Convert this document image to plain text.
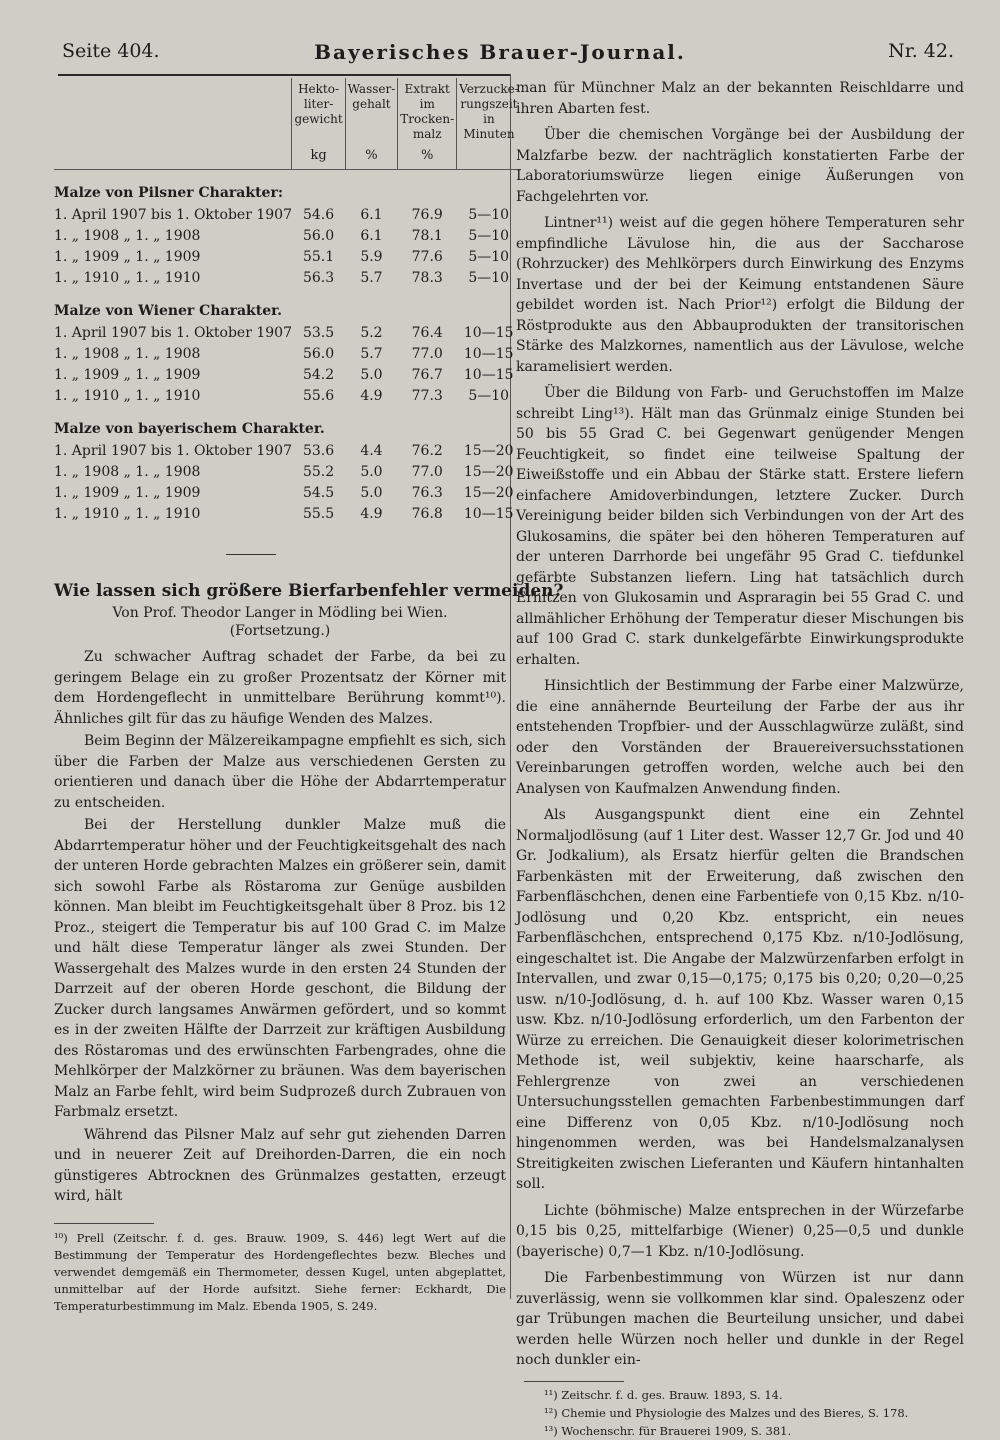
Seite 404.	Bayerisches Brauer-Journal.	Nr. 42.
	Hekto-liter-gewicht	Wasser-gehalt	Extrakt im Trocken-malz	Verzucke-rungszeit in Minuten
	kg	%	%	
Malze von Pilsner Charakter:				
1. April 1907 bis 1. Oktober 1907	54.6	6.1	76.9	5—10
1. „ 1908 „ 1. „ 1908	56.0	6.1	78.1	5—10
1. „ 1909 „ 1. „ 1909	55.1	5.9	77.6	5—10
1. „ 1910 „ 1. „ 1910	56.3	5.7	78.3	5—10
Malze von Wiener Charakter.				
1. April 1907 bis 1. Oktober 1907	53.5	5.2	76.4	10—15
1. „ 1908 „ 1. „ 1908	56.0	5.7	77.0	10—15
1. „ 1909 „ 1. „ 1909	54.2	5.0	76.7	10—15
1. „ 1910 „ 1. „ 1910	55.6	4.9	77.3	5—10
Malze von bayerischem Charakter.				
1. April 1907 bis 1. Oktober 1907	53.6	4.4	76.2	15—20
1. „ 1908 „ 1. „ 1908	55.2	5.0	77.0	15—20
1. „ 1909 „ 1. „ 1909	54.5	5.0	76.3	15—20
1. „ 1910 „ 1. „ 1910	55.5	4.9	76.8	10—15
Wie lassen sich größere Bierfarbenfehler vermeiden?
Von Prof. Theodor Langer in Mödling bei Wien.
(Fortsetzung.)

Zu schwacher Auftrag schadet der Farbe, da bei zu geringem Belage ein zu großer Prozentsatz der Körner mit dem Hordengeflecht in unmittelbare Berührung kommt¹⁰). Ähnliches gilt für das zu häufige Wenden des Malzes.

Beim Beginn der Mälzereikampagne empfiehlt es sich, sich über die Farben der Malze aus verschiedenen Gersten zu orientieren und danach über die Höhe der Abdarrtemperatur zu entscheiden.

Bei der Herstellung dunkler Malze muß die Abdarrtemperatur höher und der Feuchtigkeitsgehalt des nach der unteren Horde gebrachten Malzes ein größerer sein, damit sich sowohl Farbe als Röstaroma zur Genüge ausbilden können. Man bleibt im Feuchtigkeitsgehalt über 8 Proz. bis 12 Proz., steigert die Temperatur bis auf 100 Grad C. im Malze und hält diese Temperatur länger als zwei Stunden. Der Wassergehalt des Malzes wurde in den ersten 24 Stunden der Darrzeit auf der oberen Horde geschont, die Bildung der Zucker durch langsames Anwärmen gefördert, und so kommt es in der zweiten Hälfte der Darrzeit zur kräftigen Ausbildung des Röstaromas und des erwünschten Farbengrades, ohne die Mehlkörper der Malzkörner zu bräunen. Was dem bayerischen Malz an Farbe fehlt, wird beim Sudprozeß durch Zubrauen von Farbmalz ersetzt.

Während das Pilsner Malz auf sehr gut ziehenden Darren und in neuerer Zeit auf Dreihorden-Darren, die ein noch günstigeres Abtrocknen des Grünmalzes gestatten, erzeugt wird, hält

¹⁰) Prell (Zeitschr. f. d. ges. Brauw. 1909, S. 446) legt Wert auf die Bestimmung der Temperatur des Hordengeflechtes bezw. Bleches und verwendet demgemäß ein Thermometer, dessen Kugel, unten abgeplattet, unmittelbar auf der Horde aufsitzt. Siehe ferner: Eckhardt, Die Temperaturbestimmung im Malz. Ebenda 1905, S. 249.

man für Münchner Malz an der bekannten Reischldarre und ihren Abarten fest.

Über die chemischen Vorgänge bei der Ausbildung der Malzfarbe bezw. der nachträglich konstatierten Farbe der Laboratoriumswürze liegen einige Äußerungen von Fachgelehrten vor.

Lintner¹¹) weist auf die gegen höhere Temperaturen sehr empfindliche Lävulose hin, die aus der Saccharose (Rohrzucker) des Mehlkörpers durch Einwirkung des Enzyms Invertase und der bei der Keimung entstandenen Säure gebildet worden ist. Nach Prior¹²) erfolgt die Bildung der Röstprodukte aus den Abbauprodukten der transitorischen Stärke des Malzkornes, namentlich aus der Lävulose, welche karamelisiert werden.

Über die Bildung von Farb- und Geruchstoffen im Malze schreibt Ling¹³). Hält man das Grünmalz einige Stunden bei 50 bis 55 Grad C. bei Gegenwart genügender Mengen Feuchtigkeit, so findet eine teilweise Spaltung der Eiweißstoffe und ein Abbau der Stärke statt. Erstere liefern einfachere Amidoverbindungen, letztere Zucker. Durch Vereinigung beider bilden sich Verbindungen von der Art des Glukosamins, die später bei den höheren Temperaturen auf der unteren Darrhorde bei ungefähr 95 Grad C. tiefdunkel gefärbte Substanzen liefern. Ling hat tatsächlich durch Erhitzen von Glukosamin und Aspraragin bei 55 Grad C. und allmählicher Erhöhung der Temperatur dieser Mischungen bis auf 100 Grad C. stark dunkelgefärbte Einwirkungsprodukte erhalten.

Hinsichtlich der Bestimmung der Farbe einer Malzwürze, die eine annähernde Beurteilung der Farbe der aus ihr entstehenden Tropfbier- und der Ausschlagwürze zuläßt, sind oder den Vorständen der Brauereiversuchsstationen Vereinbarungen getroffen worden, welche auch bei den Analysen von Kaufmalzen Anwendung finden.

Als Ausgangspunkt dient eine ein Zehntel Normaljodlösung (auf 1 Liter dest. Wasser 12,7 Gr. Jod und 40 Gr. Jodkalium), als Ersatz hierfür gelten die Brandschen Farbenkästen mit der Erweiterung, daß zwischen den Farbenfläschchen, denen eine Farbentiefe von 0,15 Kbz. n/10-Jodlösung und 0,20 Kbz. entspricht, ein neues Farbenfläschchen, entsprechend 0,175 Kbz. n/10-Jodlösung, eingeschaltet ist. Die Angabe der Malzwürzenfarben erfolgt in Intervallen, und zwar 0,15—0,175; 0,175 bis 0,20; 0,20—0,25 usw. n/10-Jodlösung, d. h. auf 100 Kbz. Wasser waren 0,15 usw. Kbz. n/10-Jodlösung erforderlich, um den Farbenton der Würze zu erreichen. Die Genauigkeit dieser kolorimetrischen Methode ist, weil subjektiv, keine haarscharfe, als Fehlergrenze von zwei an verschiedenen Untersuchungsstellen gemachten Farbenbestimmungen darf eine Differenz von 0,05 Kbz. n/10-Jodlösung noch hingenommen werden, was bei Handelsmalzanalysen Streitigkeiten zwischen Lieferanten und Käufern hintanhalten soll.

Lichte (böhmische) Malze entsprechen in der Würzefarbe 0,15 bis 0,25, mittelfarbige (Wiener) 0,25—0,5 und dunkle (bayerische) 0,7—1 Kbz. n/10-Jodlösung.

Die Farbenbestimmung von Würzen ist nur dann zuverlässig, wenn sie vollkommen klar sind. Opaleszenz oder gar Trübungen machen die Beurteilung unsicher, und dabei werden helle Würzen noch heller und dunkle in der Regel noch dunkler ein-

¹¹) Zeitschr. f. d. ges. Brauw. 1893, S. 14.

¹²) Chemie und Physiologie des Malzes und des Bieres, S. 178.

¹³) Wochenschr. für Brauerei 1909, S. 381.
